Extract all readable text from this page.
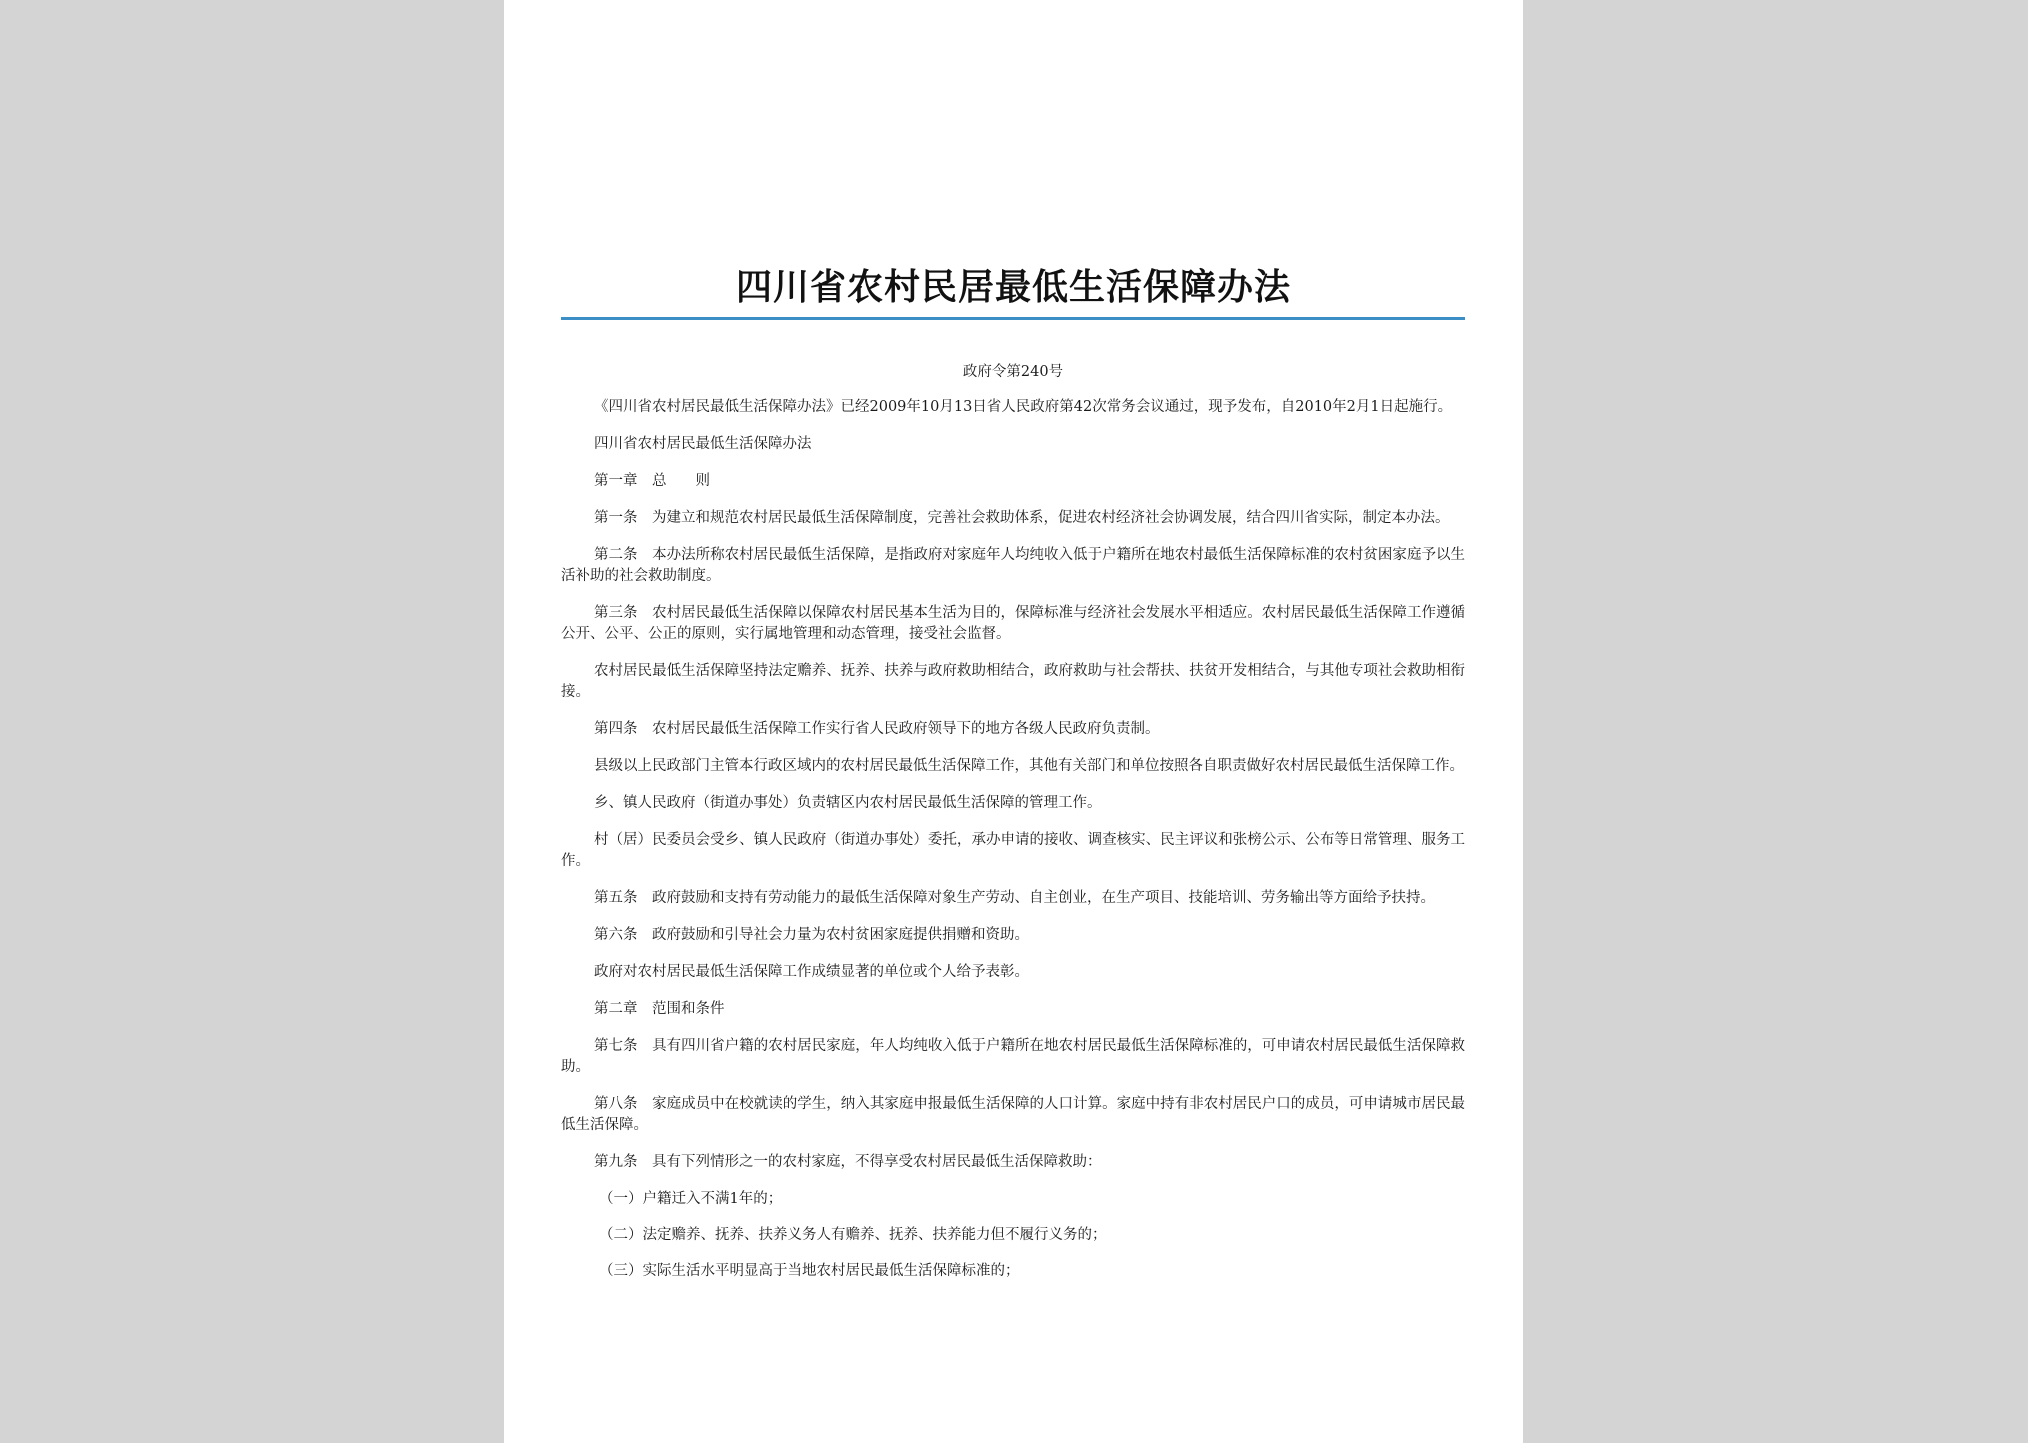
四川省农村民居最低生活保障办法

政府令第240号

《四川省农村居民最低生活保障办法》已经2009年10月13日省人民政府第42次常务会议通过，现予发布，自2010年2月1日起施行。

四川省农村居民最低生活保障办法

第一章　总　　则

第一条　为建立和规范农村居民最低生活保障制度，完善社会救助体系，促进农村经济社会协调发展，结合四川省实际，制定本办法。

第二条　本办法所称农村居民最低生活保障，是指政府对家庭年人均纯收入低于户籍所在地农村最低生活保障标准的农村贫困家庭予以生活补助的社会救助制度。

第三条　农村居民最低生活保障以保障农村居民基本生活为目的，保障标准与经济社会发展水平相适应。农村居民最低生活保障工作遵循公开、公平、公正的原则，实行属地管理和动态管理，接受社会监督。

农村居民最低生活保障坚持法定赡养、抚养、扶养与政府救助相结合，政府救助与社会帮扶、扶贫开发相结合，与其他专项社会救助相衔接。

第四条　农村居民最低生活保障工作实行省人民政府领导下的地方各级人民政府负责制。

县级以上民政部门主管本行政区域内的农村居民最低生活保障工作，其他有关部门和单位按照各自职责做好农村居民最低生活保障工作。

乡、镇人民政府（街道办事处）负责辖区内农村居民最低生活保障的管理工作。

村（居）民委员会受乡、镇人民政府（街道办事处）委托，承办申请的接收、调查核实、民主评议和张榜公示、公布等日常管理、服务工作。

第五条　政府鼓励和支持有劳动能力的最低生活保障对象生产劳动、自主创业，在生产项目、技能培训、劳务输出等方面给予扶持。

第六条　政府鼓励和引导社会力量为农村贫困家庭提供捐赠和资助。

政府对农村居民最低生活保障工作成绩显著的单位或个人给予表彰。

第二章　范围和条件

第七条　具有四川省户籍的农村居民家庭，年人均纯收入低于户籍所在地农村居民最低生活保障标准的，可申请农村居民最低生活保障救助。

第八条　家庭成员中在校就读的学生，纳入其家庭申报最低生活保障的人口计算。家庭中持有非农村居民户口的成员，可申请城市居民最低生活保障。

第九条　具有下列情形之一的农村家庭，不得享受农村居民最低生活保障救助：

（一）户籍迁入不满1年的；

（二）法定赡养、抚养、扶养义务人有赡养、抚养、扶养能力但不履行义务的；

（三）实际生活水平明显高于当地农村居民最低生活保障标准的；
